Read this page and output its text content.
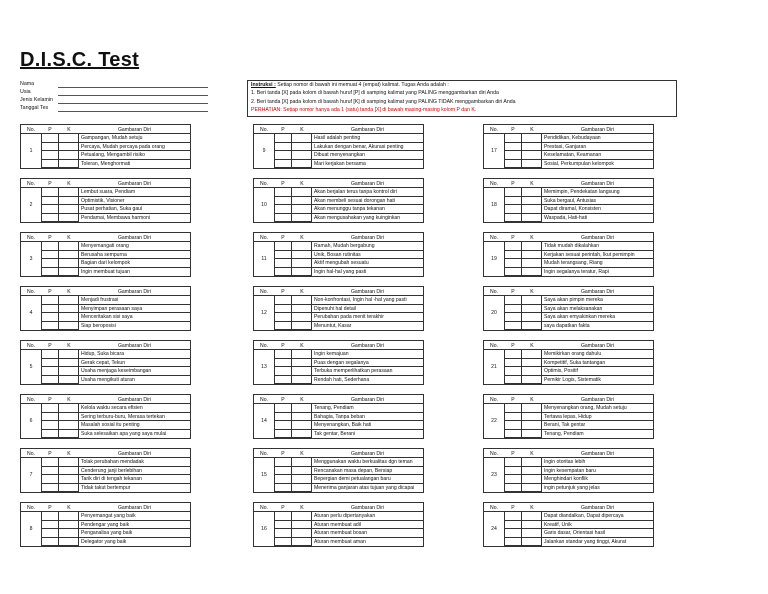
D.I.S.C. Test
Nama
Usia
Jenis Kelamin
Tanggal Tes
Instruksi : Setiap nomor di bawah ini memuat 4 (empat) kalimat. Tugas Anda adalah :
1. Beri tanda [X] pada kolom di bawah huruf [P] di samping kalimat yang PALING menggambarkan diri Anda
2. Beri tanda [X] pada kolom di bawah huruf [K] di samping kalimat yang PALING TIDAK menggambarkan diri Anda
PERHATIAN: Setiap nomor hanya ada 1 (satu) tanda [X] di bawah masing-masing kolom P dan K.
No.	P	K	Gambaran Diri
1
Gampangan, Mudah setuju
Percaya, Mudah percaya pada orang
Petualang, Mengambil risiko
Toleran, Menghormati
No.	P	K	Gambaran Diri
2
Lembut suara, Pendiam
Optimistik, Visioner
Pusat perhatian, Suka gaul
Pendamai, Membawa harmoni
No.	P	K	Gambaran Diri
3
Menyemangati orang
Berusaha sempurna
Bagian dari kelompok
Ingin membuat tujuan
No.	P	K	Gambaran Diri
4
Menjadi frustrasi
Menyimpan perasaan saya
Menceritakan sisi saya
Siap beroposisi
No.	P	K	Gambaran Diri
5
Hidup, Suka bicara
Gerak cepat, Tekun
Usaha menjaga keseimbangan
Usaha mengikuti aturan
No.	P	K	Gambaran Diri
6
Kelola waktu secara efisien
Sering terburu-buru, Merasa tertekan
Masalah sosial itu penting
Suka selesaikan apa yang saya mulai
No.	P	K	Gambaran Diri
7
Tolak perubahan mendadak
Cenderung janji berlebihan
Tarik diri di tengah tekanan
Tidak takut bertempur
No.	P	K	Gambaran Diri
8
Penyemangat yang baik
Pendengar yang baik
Penganalisa yang baik
Delegator yang baik
No.	P	K	Gambaran Diri
9
Hasil adalah penting
Lakukan dengan benar, Akurasi penting
Dibuat menyenangkan
Mari kerjakan bersama
No.	P	K	Gambaran Diri
10
Akan berjalan terus tanpa kontrol diri
Akan membeli sesuai dorongan hati
Akan menunggu tanpa tekanan
Akan mengusahakan yang kuinginkan
No.	P	K	Gambaran Diri
11
Ramah, Mudah bergabung
Unik, Bosan rutinitas
Aktif mengubah sesuatu
Ingin hal-hal yang pasti
No.	P	K	Gambaran Diri
12
Non-konfrontasi, Ingin hal -hal yang pasti
Dipenuhi hal detail
Perubahan pada menit terakhir
Menuntut, Kasar
No.	P	K	Gambaran Diri
13
Ingin kemajuan
Puas dengan segalanya
Terbuka memperlihatkan perasaan
Rendah hati, Sederhana
No.	P	K	Gambaran Diri
14
Tenang, Pendiam
Bahagia, Tanpa beban
Menyenangkan, Baik hati
Tak gentar, Berani
No.	P	K	Gambaran Diri
15
Menggunakan waktu berkualitas dgn teman
Rencanakan masa depan, Bersiap
Bepergian demi petualangan baru
Menerima ganjaran atas tujuan yang dicapai
No.	P	K	Gambaran Diri
16
Aturan perlu dipertanyakan
Aturan membuat adil
Aturan membuat bosan
Aturan membuat aman
No.	P	K	Gambaran Diri
17
Pendidikan, Kebudayaan
Prestasi, Ganjaran
Keselamatan, Keamanan
Sosial, Perkumpulan kelompok
No.	P	K	Gambaran Diri
18
Memimpin, Pendekatan langsung
Suka bergaul, Antusias
Dapat diramal, Konsisten
Waspada, Hati-hati
No.	P	K	Gambaran Diri
19
Tidak mudah dikalahkan
Kerjakan sesuai perintah, Ikut pemimpin
Mudah terangsang, Riang
Ingin segalanya teratur, Rapi
No.	P	K	Gambaran Diri
20
Saya akan pimpin mereka
Saya akan melaksanakan
Saya akan emyakinkan mereka
saya dapatkan fakta
No.	P	K	Gambaran Diri
21
Memikirkan orang dahulu
Kompetitif, Suka tantangan
Optimis, Positif
Pemikir Logis, Sistematik
No.	P	K	Gambaran Diri
22
Menyenangkan orang, Mudah setuju
Tertawa lepas, Hidup
Berani, Tak gentar
Tenang, Pendiam
No.	P	K	Gambaran Diri
23
Ingin otoritas lebih
Ingin kesempatan baru
Menghindari konflik
ingin petunjuk yang jelas
No.	P	K	Gambaran Diri
24
Dapat diandalkan, Dapat dipercaya
Kreatif, Unik
Garis dasar, Orientasi hasil
Jalankan standar yang tinggi, Akurat
